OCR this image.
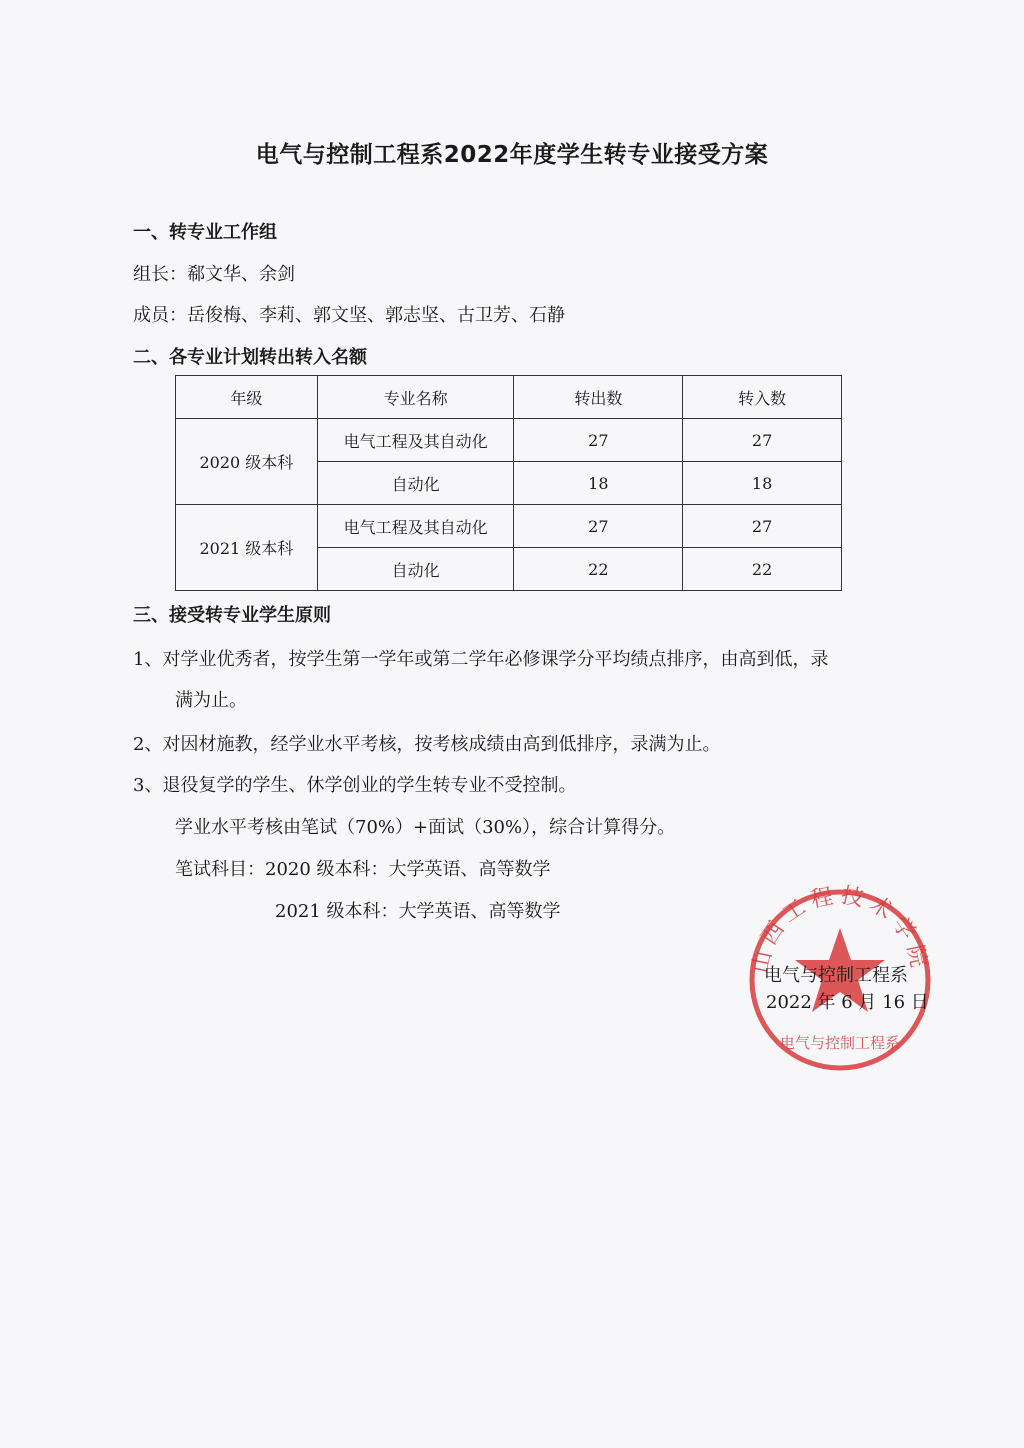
电气与控制工程系2022年度学生转专业接受方案
一、转专业工作组
组长：郗文华、余剑
成员：岳俊梅、李莉、郭文坚、郭志坚、古卫芳、石静
二、各专业计划转出转入名额
年级	专业名称	转出数	转入数
2020 级本科	电气工程及其自动化	27	27
	自动化	18	18
2021 级本科	电气工程及其自动化	27	27
	自动化	22	22
三、接受转专业学生原则
1、对学业优秀者，按学生第一学年或第二学年必修课学分平均绩点排序，由高到低，录
满为止。
2、对因材施教，经学业水平考核，按考核成绩由高到低排序，录满为止。
3、退役复学的学生、休学创业的学生转专业不受控制。
学业水平考核由笔试（70%）+面试（30%），综合计算得分。
笔试科目：2020 级本科：大学英语、高等数学
2021 级本科：大学英语、高等数学
山西工程技术学院
电气与控制工程系
电气与控制工程系
2022 年 6 月 16 日
